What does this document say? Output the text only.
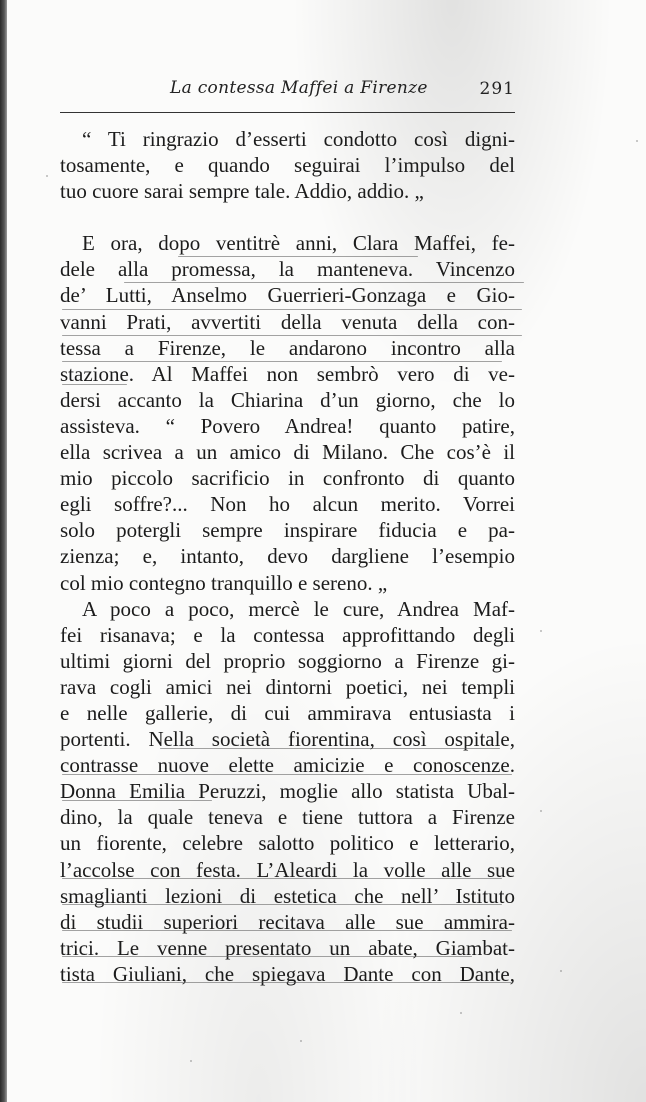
La contessa Maffei a Firenze	291
“ Ti ringrazio d’esserti condotto così digni-
tosamente, e quando seguirai l’impulso del
tuo cuore sarai sempre tale. Addio, addio. „
E ora, dopo ventitrè anni, Clara Maffei, fe-
dele alla promessa, la manteneva. Vincenzo
de’ Lutti, Anselmo Guerrieri-Gonzaga e Gio-
vanni Prati, avvertiti della venuta della con-
tessa a Firenze, le andarono incontro alla
stazione. Al Maffei non sembrò vero di ve-
dersi accanto la Chiarina d’un giorno, che lo
assisteva. “ Povero Andrea! quanto patire,
ella scrivea a un amico di Milano. Che cos’è il
mio piccolo sacrificio in confronto di quanto
egli soffre?... Non ho alcun merito. Vorrei
solo potergli sempre inspirare fiducia e pa-
zienza; e, intanto, devo dargliene l’esempio
col mio contegno tranquillo e sereno. „
A poco a poco, mercè le cure, Andrea Maf-
fei risanava; e la contessa approfittando degli
ultimi giorni del proprio soggiorno a Firenze gi-
rava cogli amici nei dintorni poetici, nei templi
e nelle gallerie, di cui ammirava entusiasta i
portenti. Nella società fiorentina, così ospitale,
contrasse nuove elette amicizie e conoscenze.
Donna Emilia Peruzzi, moglie allo statista Ubal-
dino, la quale teneva e tiene tuttora a Firenze
un fiorente, celebre salotto politico e letterario,
l’accolse con festa. L’Aleardi la volle alle sue
smaglianti lezioni di estetica che nell’ Istituto
di studii superiori recitava alle sue ammira-
trici. Le venne presentato un abate, Giambat-
tista Giuliani, che spiegava Dante con Dante,
